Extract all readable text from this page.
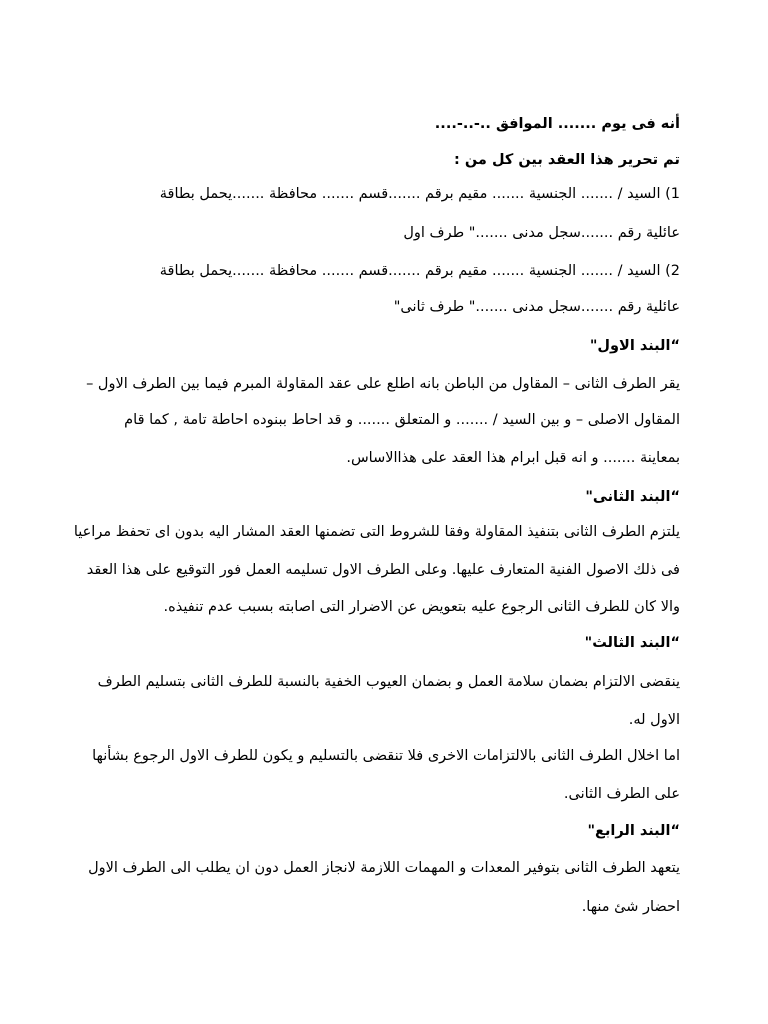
أنه فى يوم ....... الموافق ..-..-....
تم تحرير هذا العقد بين كل من :
1) السيد / ....... الجنسية ....... مقيم برقم .......قسم ....... محافظة .......يحمل بطاقة
عائلية رقم .......سجل مدنى ......." طرف اول
2) السيد / ....... الجنسية ....... مقيم برقم .......قسم ....... محافظة .......يحمل بطاقة
عائلية رقم .......سجل مدنى ......." طرف ثانى"
“البند الاول"
يقر الطرف الثانى – المقاول من الباطن بانه اطلع على عقد المقاولة المبرم فيما بين الطرف الاول –
المقاول الاصلى – و بين السيد / ....... و المتعلق ....... و قد احاط ببنوده احاطة تامة , كما قام
بمعاينة ....... و انه قبل ابرام هذا العقد على هذاالاساس.
“البند الثانى"
يلتزم الطرف الثانى بتنفيذ المقاولة وفقا للشروط التى تضمنها العقد المشار اليه بدون اى تحفظ مراعيا
فى ذلك الاصول الفنية المتعارف عليها. وعلى الطرف الاول تسليمه العمل فور التوقيع على هذا العقد
والا كان للطرف الثانى الرجوع عليه بتعويض عن الاضرار التى اصابته بسبب عدم تنفيذه.
“البند الثالث"
ينقضى الالتزام بضمان سلامة العمل و بضمان العيوب الخفية بالنسبة للطرف الثانى بتسليم الطرف
الاول له.
اما اخلال الطرف الثانى بالالتزامات الاخرى فلا تنقضى بالتسليم و يكون للطرف الاول الرجوع بشأنها
على الطرف الثانى.
“البند الرابع"
يتعهد الطرف الثانى بتوفير المعدات و المهمات اللازمة لانجاز العمل دون ان يطلب الى الطرف الاول
احضار شئ منها.
